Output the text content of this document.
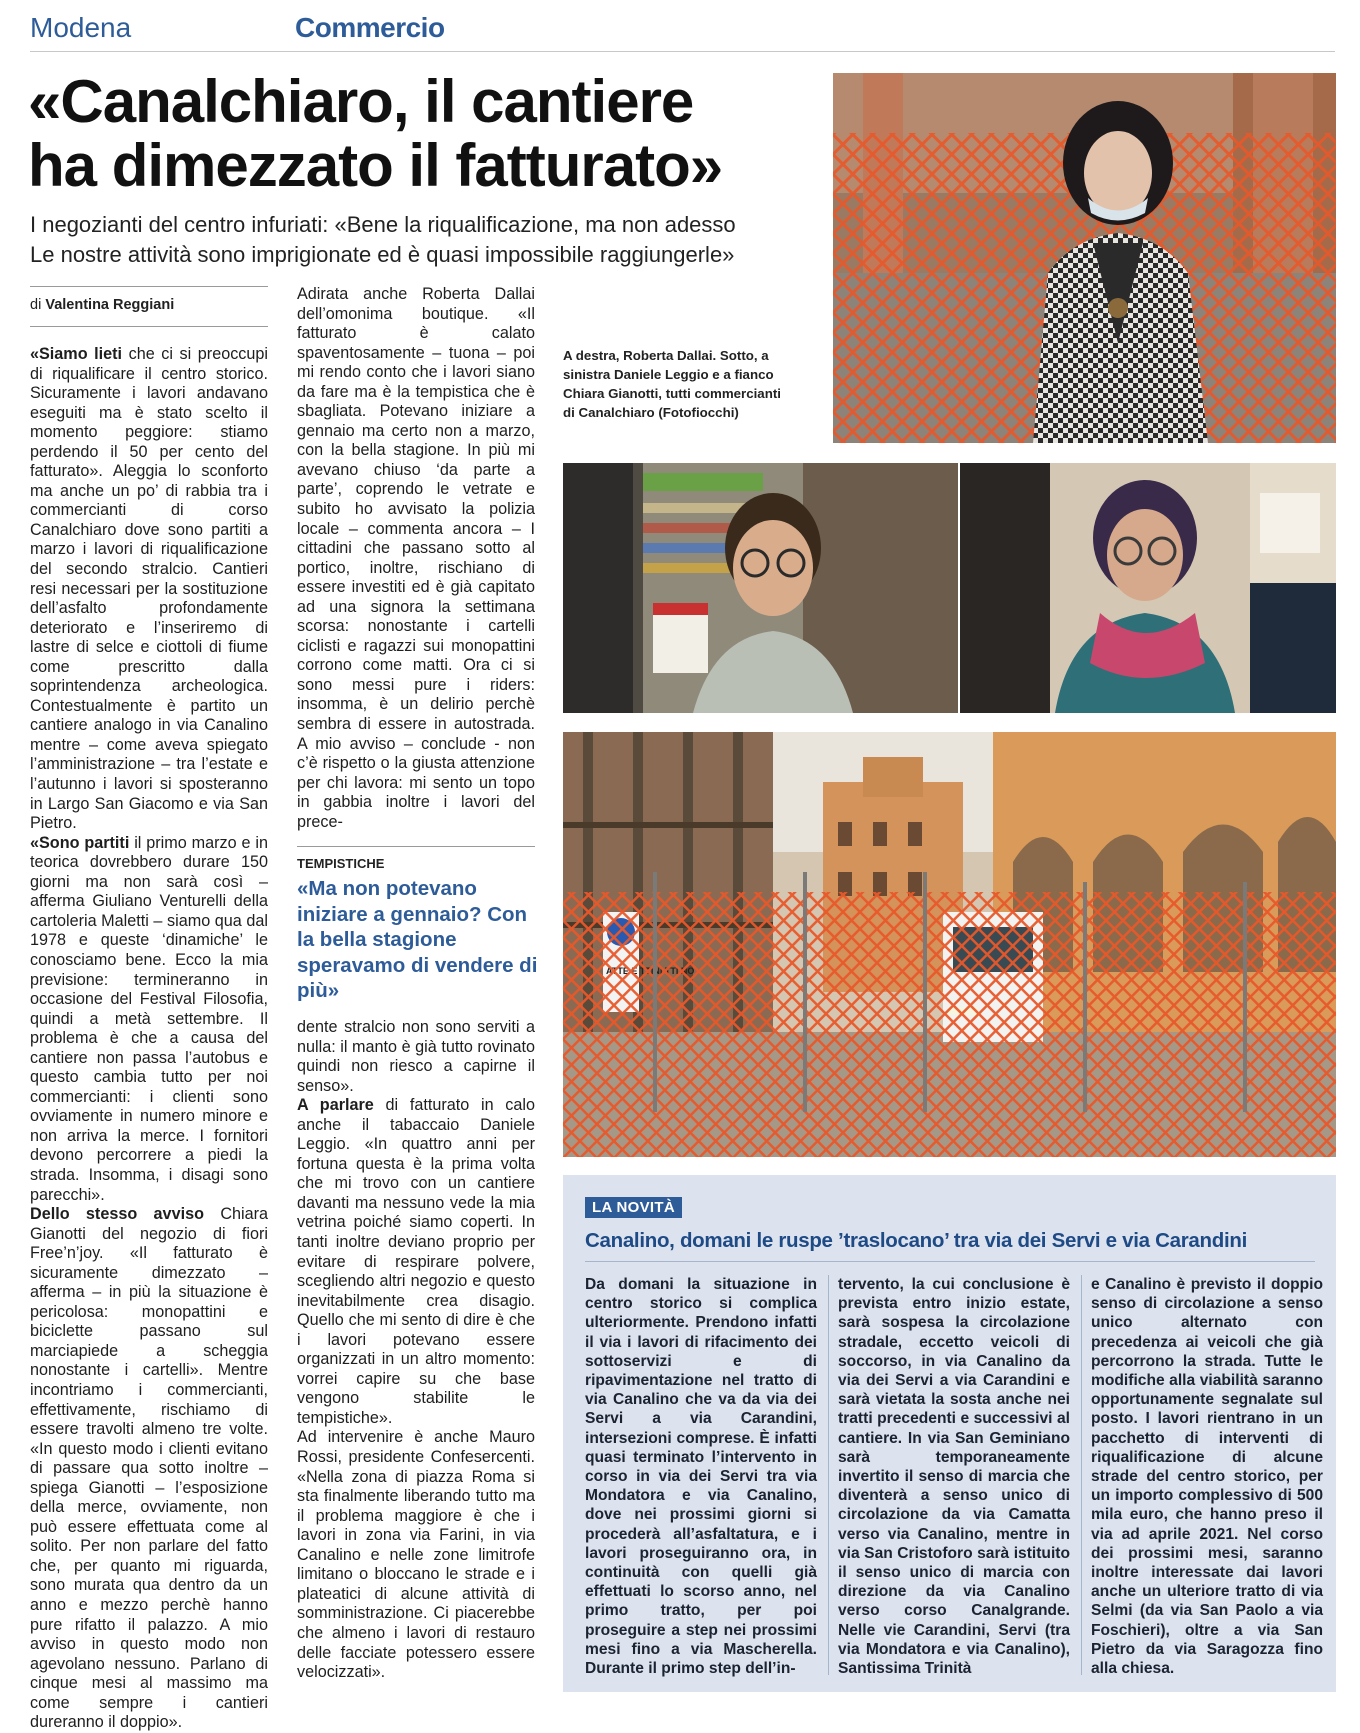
Modena	Commercio
«Canalchiaro, il cantiere
ha dimezzato il fatturato»
I negozianti del centro infuriati: «Bene la riqualificazione, ma non adesso
Le nostre attività sono imprigionate ed è quasi impossibile raggiungerle»
di Valentina Reggiani

«Siamo lieti che ci si preoccupi di riqualificare il centro storico. Sicuramente i lavori andavano eseguiti ma è stato scelto il momento peggiore: stiamo perdendo il 50 per cento del fatturato». Aleggia lo sconforto ma anche un po’ di rabbia tra i commercianti di corso Canalchiaro dove sono partiti a marzo i lavori di riqualificazione del secondo stralcio. Cantieri resi necessari per la sostituzione dell’asfalto profondamente deteriorato e l’inseriremo di lastre di selce e ciottoli di fiume come prescritto dalla soprintendenza archeologica. Contestualmente è partito un cantiere analogo in via Canalino mentre – come aveva spiegato l’amministrazione – tra l’estate e l’autunno i lavori si sposteranno in Largo San Giacomo e via San Pietro.

«Sono partiti il primo marzo e in teorica dovrebbero durare 150 giorni ma non sarà così – afferma Giuliano Venturelli della cartoleria Maletti – siamo qua dal 1978 e queste ‘dinamiche’ le conosciamo bene. Ecco la mia previsione: termineranno in occasione del Festival Filosofia, quindi a metà settembre. Il problema è che a causa del cantiere non passa l’autobus e questo cambia tutto per noi commercianti: i clienti sono ovviamente in numero minore e non arriva la merce. I fornitori devono percorrere a piedi la strada. Insomma, i disagi sono parecchi».

Dello stesso avviso Chiara Gianotti del negozio di fiori Free’n’joy. «Il fatturato è sicuramente dimezzato – afferma – in più la situazione è pericolosa: monopattini e biciclette passano sul marciapiede a scheggia nonostante i cartelli». Mentre incontriamo i commercianti, effettivamente, rischiamo di essere travolti almeno tre volte. «In questo modo i clienti evitano di passare qua sotto inoltre – spiega Gianotti – l’esposizione della merce, ovviamente, non può essere effettuata come al solito. Per non parlare del fatto che, per quanto mi riguarda, sono murata qua dentro da un anno e mezzo perchè hanno pure rifatto il palazzo. A mio avviso in questo modo non agevolano nessuno. Parlano di cinque mesi al massimo ma come sempre i cantieri dureranno il doppio».

Adirata anche Roberta Dallai dell’omonima boutique. «Il fatturato è calato spaventosamente – tuona – poi mi rendo conto che i lavori siano da fare ma è la tempistica che è sbagliata. Potevano iniziare a gennaio ma certo non a marzo, con la bella stagione. In più mi avevano chiuso ‘da parte a parte’, coprendo le vetrate e subito ho avvisato la polizia locale – commenta ancora – I cittadini che passano sotto al portico, inoltre, rischiano di essere investiti ed è già capitato ad una signora la settimana scorsa: nonostante i cartelli ciclisti e ragazzi sui monopattini corrono come matti. Ora ci si sono messi pure i riders: insomma, è un delirio perchè sembra di essere in autostrada. A mio avviso – conclude - non c’è rispetto o la giusta attenzione per chi lavora: mi sento un topo in gabbia inoltre i lavori del prece-

TEMPISTICHE
«Ma non potevano iniziare a gennaio? Con la bella stagione speravamo di vendere di più»

dente stralcio non sono serviti a nulla: il manto è già tutto rovinato quindi non riesco a capirne il senso».

A parlare di fatturato in calo anche il tabaccaio Daniele Leggio. «In quattro anni per fortuna questa è la prima volta che mi trovo con un cantiere davanti ma nessuno vede la mia vetrina poiché siamo coperti. In tanti inoltre deviano proprio per evitare di respirare polvere, scegliendo altri negozio e questo inevitabilmente crea disagio. Quello che mi sento di dire è che i lavori potevano essere organizzati in un altro momento: vorrei capire su che base vengono stabilite le tempistiche».

Ad intervenire è anche Mauro Rossi, presidente Confesercenti. «Nella zona di piazza Roma si sta finalmente liberando tutto ma il problema maggiore è che i lavori in zona via Farini, in via Canalino e nelle zone limitrofe limitano o bloccano le strade e i plateatici di alcune attività di somministrazione. Ci piacerebbe che almeno i lavori di restauro delle facciate potessero essere velocizzati».

A destra, Roberta Dallai. Sotto, a sinistra Daniele Leggio e a fianco Chiara Gianotti, tutti commercianti di Canalchiaro (Fotofiocchi)
LA NOVITÀ
Canalino, domani le ruspe ’traslocano’ tra via dei Servi e via Carandini
Da domani la situazione in centro storico si complica ulteriormente. Prendono infatti il via i lavori di rifacimento dei sottoservizi e di ripavimentazione nel tratto di via Canalino che va da via dei Servi a via Carandini, intersezioni comprese. È infatti quasi terminato l’intervento in corso in via dei Servi tra via Mondatora e via Canalino, dove nei prossimi giorni si procederà all’asfaltatura, e i lavori proseguiranno ora, in continuità con quelli già effettuati lo scorso anno, nel primo tratto, per poi proseguire a step nei prossimi mesi fino a via Mascherella. Durante il primo step dell’in-
tervento, la cui conclusione è prevista entro inizio estate, sarà sospesa la circolazione stradale, eccetto veicoli di soccorso, in via Canalino da via dei Servi a via Carandini e sarà vietata la sosta anche nei tratti precedenti e successivi al cantiere. In via San Geminiano sarà temporaneamente invertito il senso di marcia che diventerà a senso unico di circolazione da via Camatta verso via Canalino, mentre in via San Cristoforo sarà istituito il senso unico di marcia con direzione da via Canalino verso corso Canalgrande. Nelle vie Carandini, Servi (tra via Mondatora e via Canalino), Santissima Trinità
e Canalino è previsto il doppio senso di circolazione a senso unico alternato con precedenza ai veicoli che già percorrono la strada. Tutte le modifiche alla viabilità saranno opportunamente segnalate sul posto. I lavori rientrano in un pacchetto di interventi di riqualificazione di alcune strade del centro storico, per un importo complessivo di 500 mila euro, che hanno preso il via ad aprile 2021. Nel corso dei prossimi mesi, saranno inoltre interessate dai lavori anche un ulteriore tratto di via Selmi (da via San Paolo a via Foschieri), oltre a via San Pietro da via Saragozza fino alla chiesa.
